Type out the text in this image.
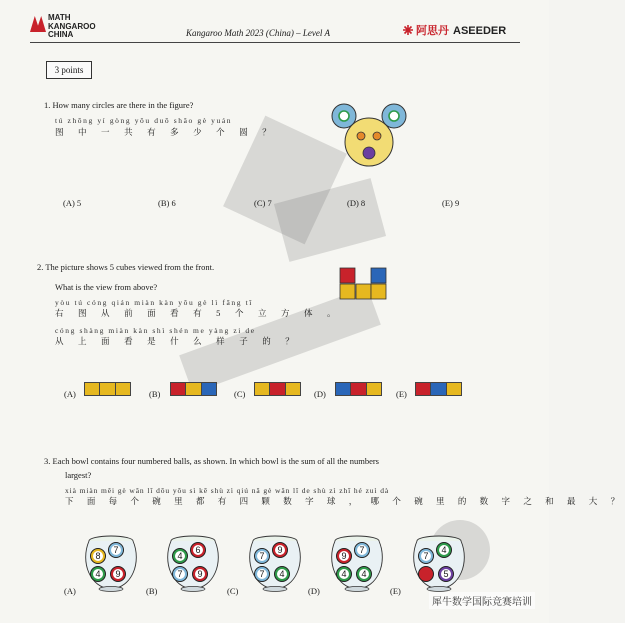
MATH
KANGAROO
CHINA	Kangaroo Math 2023 (China) – Level A	阿思丹 ASEEDER
3 points
1. How many circles are there in the figure?
tú zhōng yí gòng yǒu duō shǎo gè yuán
图 中 一 共 有 多 少 个 圆 ？
(A) 5	(B) 6	(C) 7	(D) 8	(E) 9
2. The picture shows 5 cubes viewed from the front.
What is the view from above?
yòu tú cóng qián miàn kàn yǒu gè lì fāng tǐ
右 图 从 前 面 看 有 5 个 立 方 体 。
cóng shàng miàn kàn shì shén me yàng zi de
从 上 面 看 是 什 么 样 子 的 ？
(A)	(B)	(C)	(D)	(E)
3. Each bowl contains four numbered balls, as shown. In which bowl is the sum of all the numbers
largest?
xià miàn měi gè wǎn lǐ dōu yǒu sì kē shù zì qiú nǎ gè wǎn lǐ de shù zì zhī hé zuì dà
下 面 每 个 碗 里 都 有 四 颗 数 字 球 ， 哪 个 碗 里 的 数 字 之 和 最 大 ？
8
7
4	9
4
6
7	9
7
9
7	4
9
7
4	4
7
4
5
(A)	(B)	(C)	(D)	(E)
犀牛数学国际竞赛培训
